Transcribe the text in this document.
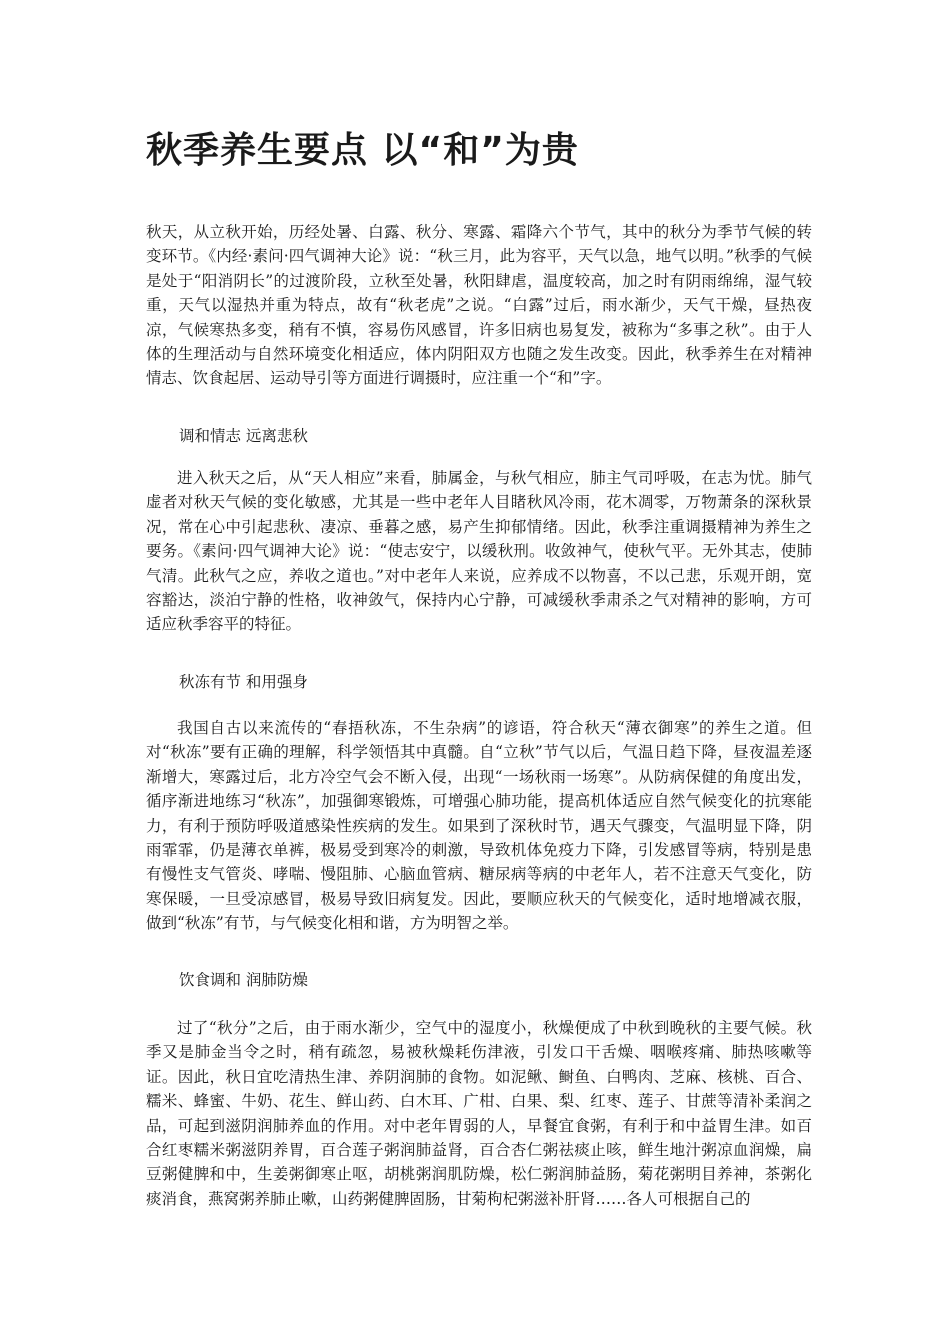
秋季养生要点 以“和”为贵

秋天，从立秋开始，历经处暑、白露、秋分、寒露、霜降六个节气，其中的秋分为季节气候的转变环节。《内经·素问·四气调神大论》说：“秋三月，此为容平，天气以急，地气以明。”秋季的气候是处于“阳消阴长”的过渡阶段，立秋至处暑，秋阳肆虐，温度较高，加之时有阴雨绵绵，湿气较重，天气以湿热并重为特点，故有“秋老虎”之说。“白露”过后，雨水渐少，天气干燥，昼热夜凉，气候寒热多变，稍有不慎，容易伤风感冒，许多旧病也易复发，被称为“多事之秋”。由于人体的生理活动与自然环境变化相适应，体内阴阳双方也随之发生改变。因此，秋季养生在对精神情志、饮食起居、运动导引等方面进行调摄时，应注重一个“和”字。

调和情志 远离悲秋

进入秋天之后，从“天人相应”来看，肺属金，与秋气相应，肺主气司呼吸，在志为忧。肺气虚者对秋天气候的变化敏感，尤其是一些中老年人目睹秋风冷雨，花木凋零，万物萧条的深秋景况，常在心中引起悲秋、凄凉、垂暮之感，易产生抑郁情绪。因此，秋季注重调摄精神为养生之要务。《素问·四气调神大论》说：“使志安宁，以缓秋刑。收敛神气，使秋气平。无外其志，使肺气清。此秋气之应，养收之道也。”对中老年人来说，应养成不以物喜，不以己悲，乐观开朗，宽容豁达，淡泊宁静的性格，收神敛气，保持内心宁静，可减缓秋季肃杀之气对精神的影响，方可适应秋季容平的特征。

秋冻有节 和用强身

我国自古以来流传的“春捂秋冻，不生杂病”的谚语，符合秋天“薄衣御寒”的养生之道。但对“秋冻”要有正确的理解，科学领悟其中真髓。自“立秋”节气以后，气温日趋下降，昼夜温差逐渐增大，寒露过后，北方冷空气会不断入侵，出现“一场秋雨一场寒”。从防病保健的角度出发，循序渐进地练习“秋冻”，加强御寒锻炼，可增强心肺功能，提高机体适应自然气候变化的抗寒能力，有利于预防呼吸道感染性疾病的发生。如果到了深秋时节，遇天气骤变，气温明显下降，阴雨霏霏，仍是薄衣单裤，极易受到寒冷的刺激，导致机体免疫力下降，引发感冒等病，特别是患有慢性支气管炎、哮喘、慢阻肺、心脑血管病、糖尿病等病的中老年人，若不注意天气变化，防寒保暖，一旦受凉感冒，极易导致旧病复发。因此，要顺应秋天的气候变化，适时地增减衣服，做到“秋冻”有节，与气候变化相和谐，方为明智之举。

饮食调和 润肺防燥

过了“秋分”之后，由于雨水渐少，空气中的湿度小，秋燥便成了中秋到晚秋的主要气候。秋季又是肺金当令之时，稍有疏忽，易被秋燥耗伤津液，引发口干舌燥、咽喉疼痛、肺热咳嗽等证。因此，秋日宜吃清热生津、养阴润肺的食物。如泥鳅、鲥鱼、白鸭肉、芝麻、核桃、百合、糯米、蜂蜜、牛奶、花生、鲜山药、白木耳、广柑、白果、梨、红枣、莲子、甘蔗等清补柔润之品，可起到滋阴润肺养血的作用。对中老年胃弱的人，早餐宜食粥，有利于和中益胃生津。如百合红枣糯米粥滋阴养胃，百合莲子粥润肺益肾，百合杏仁粥祛痰止咳，鲜生地汁粥凉血润燥，扁豆粥健脾和中，生姜粥御寒止呕，胡桃粥润肌防燥，松仁粥润肺益肠，菊花粥明目养神，茶粥化痰消食，燕窝粥养肺止嗽，山药粥健脾固肠，甘菊枸杞粥滋补肝肾……各人可根据自己的
